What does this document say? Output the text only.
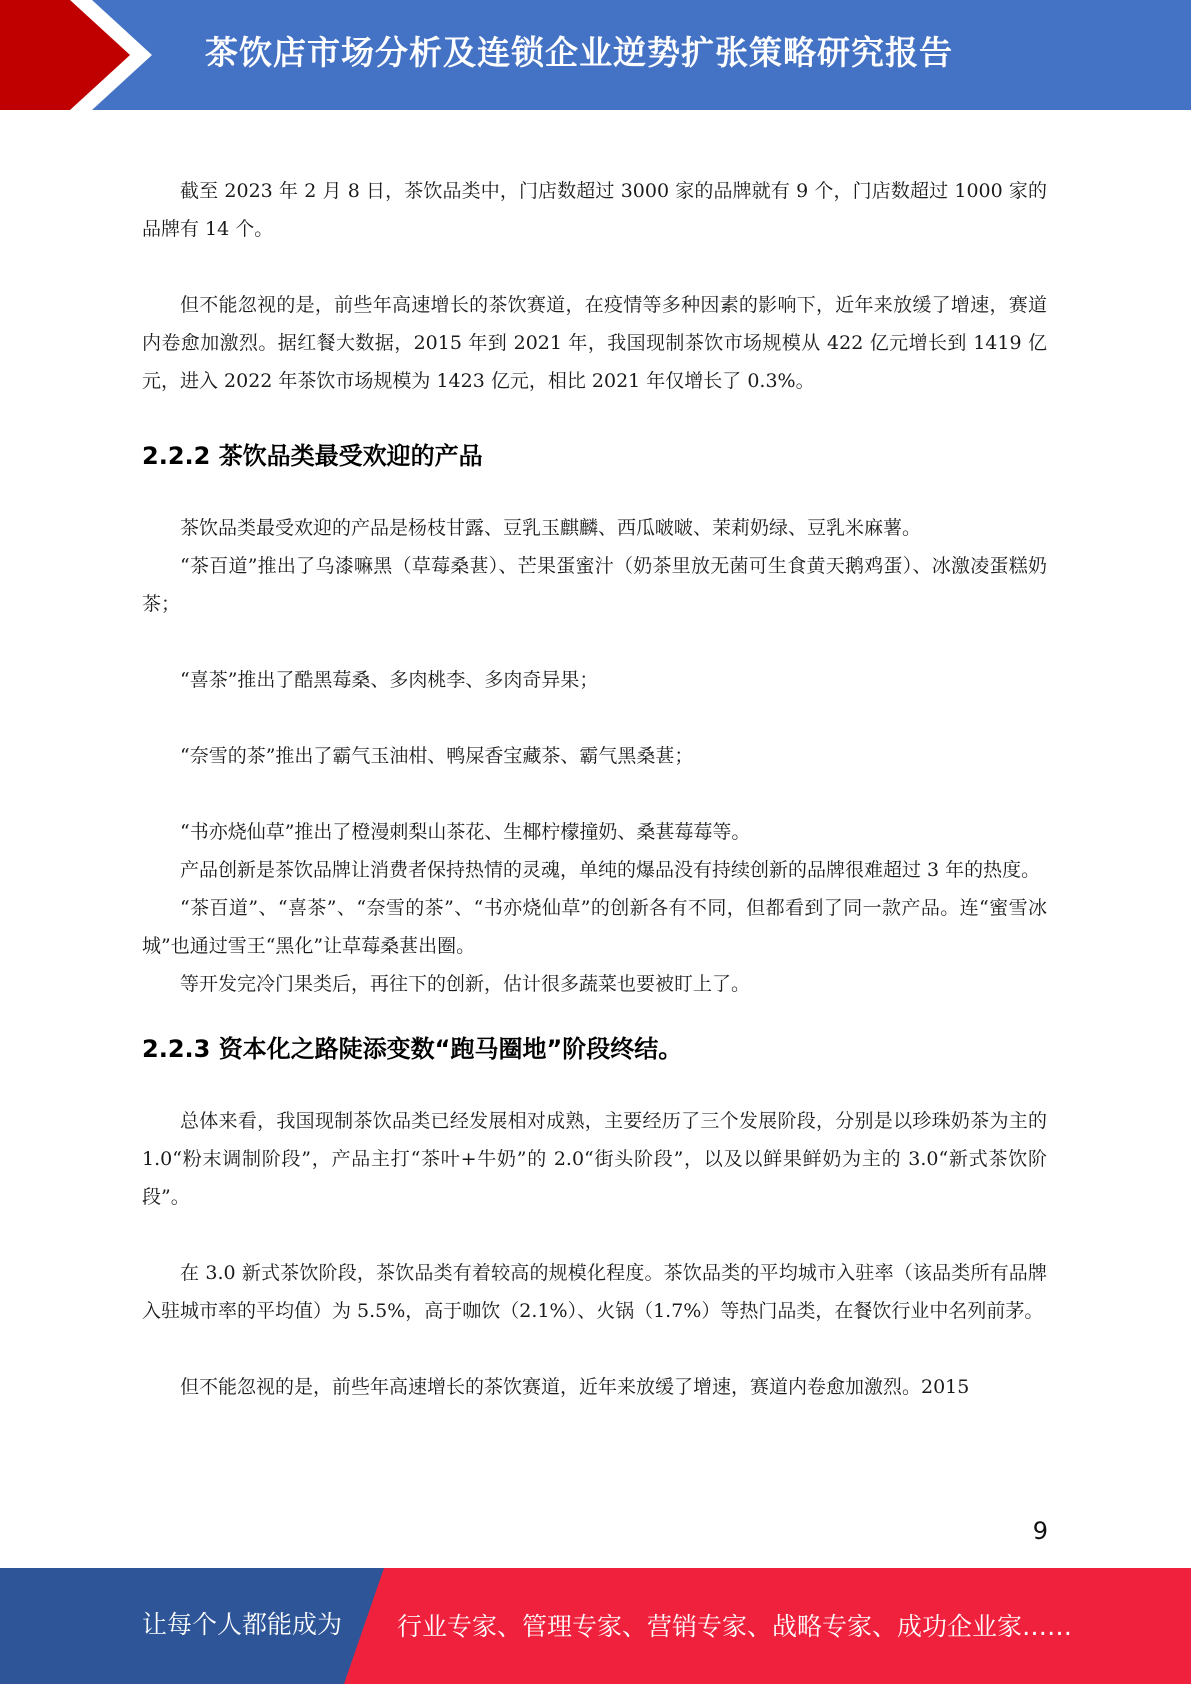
茶饮店市场分析及连锁企业逆势扩张策略研究报告

截至 2023 年 2 月 8 日，茶饮品类中，门店数超过 3000 家的品牌就有 9 个，门店数超过 1000 家的品牌有 14 个。

但不能忽视的是，前些年高速增长的茶饮赛道，在疫情等多种因素的影响下，近年来放缓了增速，赛道内卷愈加激烈。据红餐大数据，2015 年到 2021 年，我国现制茶饮市场规模从 422 亿元增长到 1419 亿元，进入 2022 年茶饮市场规模为 1423 亿元，相比 2021 年仅增长了 0.3%。

2.2.2 茶饮品类最受欢迎的产品

茶饮品类最受欢迎的产品是杨枝甘露、豆乳玉麒麟、西瓜啵啵、茉莉奶绿、豆乳米麻薯。

“茶百道”推出了乌漆嘛黑（草莓桑葚）、芒果蛋蜜汁（奶茶里放无菌可生食黄天鹅鸡蛋）、冰激凌蛋糕奶茶；

“喜茶”推出了酷黑莓桑、多肉桃李、多肉奇异果；

“奈雪的茶”推出了霸气玉油柑、鸭屎香宝藏茶、霸气黑桑葚；

“书亦烧仙草”推出了橙漫刺梨山茶花、生椰柠檬撞奶、桑葚莓莓等。

产品创新是茶饮品牌让消费者保持热情的灵魂，单纯的爆品没有持续创新的品牌很难超过 3 年的热度。

“茶百道”、“喜茶”、“奈雪的茶”、“书亦烧仙草”的创新各有不同，但都看到了同一款产品。连“蜜雪冰城”也通过雪王“黑化”让草莓桑葚出圈。

等开发完冷门果类后，再往下的创新，估计很多蔬菜也要被盯上了。

2.2.3 资本化之路陡添变数“跑马圈地”阶段终结。

总体来看，我国现制茶饮品类已经发展相对成熟，主要经历了三个发展阶段，分别是以珍珠奶茶为主的 1.0“粉末调制阶段”，产品主打“茶叶+牛奶”的 2.0“街头阶段”，以及以鲜果鲜奶为主的 3.0“新式茶饮阶段”。

在 3.0 新式茶饮阶段，茶饮品类有着较高的规模化程度。茶饮品类的平均城市入驻率（该品类所有品牌入驻城市率的平均值）为 5.5%，高于咖饮（2.1%）、火锅（1.7%）等热门品类，在餐饮行业中名列前茅。

但不能忽视的是，前些年高速增长的茶饮赛道，近年来放缓了增速，赛道内卷愈加激烈。2015

9
让每个人都能成为 行业专家、管理专家、营销专家、战略专家、成功企业家……
